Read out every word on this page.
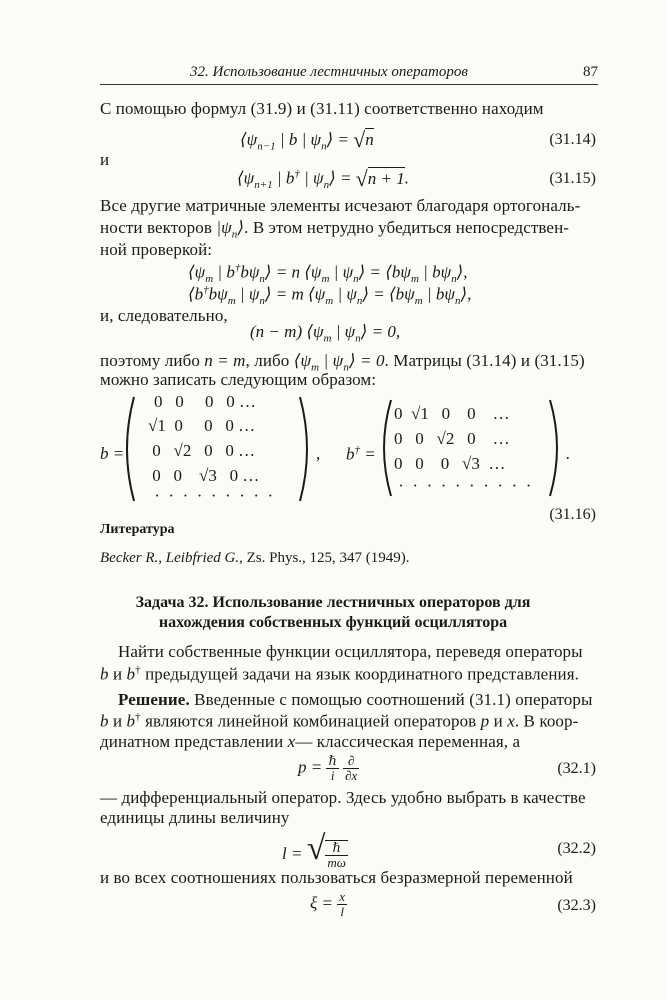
32. Использование лестничных операторов	87
С помощью формул (31.9) и (31.11) соответственно находим
$⟨\psi_{n-1}$ | b | $\psi_n⟩ = √n$	(31.14)
и
$⟨\psi_{n+1}$ | b† | $\psi_n⟩ = √n + 1$.	(31.15)
Все другие матричные элементы исчезают благодаря ортогональ-
ности векторов $|\psi_n⟩$. В этом нетрудно убедиться непосредствен-
ной проверкой:
$⟨\psi_m$ | $b^\dagger b\psi_n⟩ = n$ $⟨\psi_m$ | $\psi_n⟩$ = $⟨b\psi_m$ | $b\psi_n⟩$,
$⟨b^\dagger b\psi_m$ | $\psi_n⟩ = m$ $⟨\psi_m$ | $\psi_n⟩$ = $⟨b\psi_m$ | $b\psi_n⟩$,
и, следовательно,
(n − m) $⟨\psi_m$ | $\psi_n⟩ = 0$,
поэтому либо n = m, либо $⟨\psi_m$ | $\psi_n⟩ = 0$. Матрицы (31.14) и (31.15)
можно записать следующим образом:
b =
0   0     0   0 …
√1  0     0   0 …
0   √2   0   0 …
0   0    √3   0 …
·  ·  ·  ·  ·  ·  ·  ·  ·
, b† =
0  √1   0    0    …
0   0   √2   0    …
0   0    0   √3  …
·  ·  ·  ·  ·  ·  ·  ·  ·  ·
.
(31.16)
Литература
Becker R., Leibfried G., Zs. Phys., 125, 347 (1949).
Задача 32. Использование лестничных операторов для
нахождения собственных функций осциллятора
Найти собственные функции осциллятора, переведя операторы
b и b† предыдущей задачи на язык координатного представления.
Решение. Введенные с помощью соотношений (31.1) операторы
b и b† являются линейной комбинацией операторов p и x. В коор-
динатном представлении x— классическая переменная, а
$p = \frac{\text{ℏ}}{i}$
$\frac{\partial}{\partial x}$	(32.1)
— дифференциальный оператор. Здесь удобно выбрать в качестве
единицы длины величину
l = √ $\frac{\text{ℏ}}{m\omega}$	(32.2)
и во всех соотношениях пользоваться безразмерной переменной
$\xi = \frac{x}{l}$	(32.3)
